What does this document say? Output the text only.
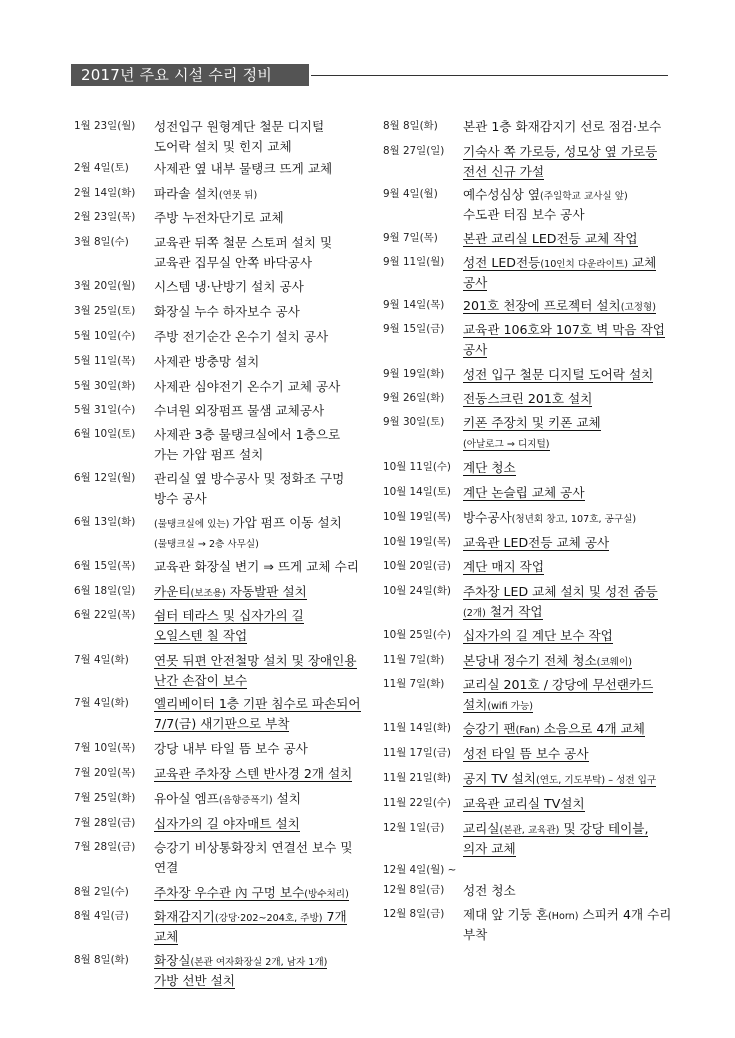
2017년 주요 시설 수리 정비
1월 23일(월) 성전입구 원형계단 철문 디지털
도어락 설치 및 힌지 교체
2월 4일(토) 사제관 옆 내부 물탱크 뜨게 교체
2월 14일(화) 파라솔 설치(연못 뒤)
2월 23일(목) 주방 누전차단기로 교체
3월 8일(수) 교육관 뒤쪽 철문 스토퍼 설치 및
교육관 집무실 안쪽 바닥공사
3월 20일(월) 시스템 냉·난방기 설치 공사
3월 25일(토) 화장실 누수 하자보수 공사
5월 10일(수) 주방 전기순간 온수기 설치 공사
5월 11일(목) 사제관 방충망 설치
5월 30일(화) 사제관 심야전기 온수기 교체 공사
5월 31일(수) 수녀원 외장펌프 물샘 교체공사
6월 10일(토) 사제관 3층 물탱크실에서 1층으로
가는 가압 펌프 설치
6월 12일(월) 관리실 옆 방수공사 및 정화조 구멍
방수 공사
6월 13일(화) (물탱크실에 있는) 가압 펌프 이동 설치
(물탱크실 → 2층 사무실)
6월 15일(목) 교육관 화장실 변기 ⇒ 뜨게 교체 수리
6월 18일(일) 카운티(보조용) 자동발판 설치
6월 22일(목) 쉼터 테라스 및 십자가의 길
오일스텐 칠 작업
7월 4일(화) 연못 뒤편 안전철망 설치 및 장애인용
난간 손잡이 보수
7월 4일(화) 엘리베이터 1층 기판 침수로 파손되어
7/7(금) 새기판으로 부착
7월 10일(목) 강당 내부 타일 뜸 보수 공사
7월 20일(목) 교육관 주차장 스텐 반사경 2개 설치
7월 25일(화) 유아실 엠프(음향증폭기) 설치
7월 28일(금) 십자가의 길 야자매트 설치
7월 28일(금) 승강기 비상통화장치 연결선 보수 및
연결
8월 2일(수) 주차장 우수관 內 구멍 보수(방수처리)
8월 4일(금) 화재감지기(강당·202~204호, 주방) 7개
교체
8월 8일(화) 화장실(본관 여자화장실 2개, 남자 1개)
가방 선반 설치
8월 8일(화) 본관 1층 화재감지기 선로 점검·보수
8월 27일(일) 기숙사 쪽 가로등, 성모상 옆 가로등
전선 신규 가설
9월 4일(월) 예수성심상 옆(주일학교 교사실 앞)
수도관 터짐 보수 공사
9월 7일(목) 본관 교리실 LED전등 교체 작업
9월 11일(월) 성전 LED전등(10인치 다운라이트) 교체
공사
9월 14일(목) 201호 천장에 프로젝터 설치(고정형)
9월 15일(금) 교육관 106호와 107호 벽 막음 작업
공사
9월 19일(화) 성전 입구 철문 디지털 도어락 설치
9월 26일(화) 전동스크린 201호 설치
9월 30일(토) 키폰 주장치 및 키폰 교체
(아날로그 ⇒ 디지털)
10월 11일(수) 계단 청소
10월 14일(토) 계단 논슬립 교체 공사
10월 19일(목) 방수공사(청년회 창고, 107호, 공구실)
10월 19일(목) 교육관 LED전등 교체 공사
10월 20일(금) 계단 매지 작업
10월 24일(화) 주차장 LED 교체 설치 및 성전 줌등
(2개) 철거 작업
10월 25일(수) 십자가의 길 계단 보수 작업
11월 7일(화) 본당내 정수기 전체 청소(코웨이)
11월 7일(화) 교리실 201호 / 강당에 무선랜카드
설치(wifi 가능)
11월 14일(화) 승강기 팬(Fan) 소음으로 4개 교체
11월 17일(금) 성전 타일 뜸 보수 공사
11월 21일(화) 공지 TV 설치(연도, 기도부탁) – 성전 입구
11월 22일(수) 교육관 교리실 TV설치
12월 1일(금) 교리실(본관, 교육관) 및 강당 테이블,
의자 교체
12월 4일(월) ~
12월 8일(금) 성전 청소
12월 8일(금) 제대 앞 기둥 혼(Horn) 스피커 4개 수리
부착
